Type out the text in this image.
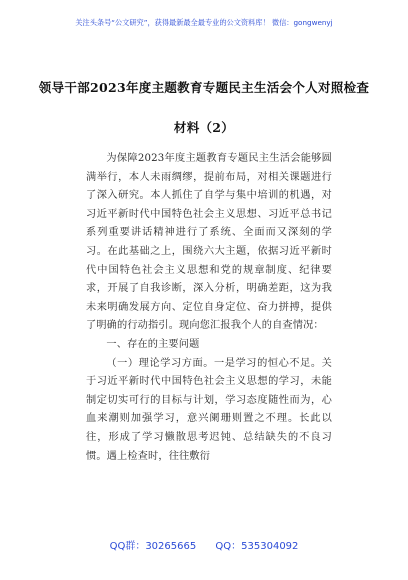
关注头条号“公文研究”，获得最新最全最专业的公文资料库！ 微信：gongwenyj
领导干部2023年度主题教育专题民主生活会个人对照检查
材料（2）

为保障2023年度主题教育专题民主生活会能够圆满举行，本人未雨绸缪，提前布局，对相关课题进行了深入研究。本人抓住了自学与集中培训的机遇，对习近平新时代中国特色社会主义思想、习近平总书记系列重要讲话精神进行了系统、全面而又深刻的学习。在此基础之上，围绕六大主题，依据习近平新时代中国特色社会主义思想和党的规章制度、纪律要求，开展了自我诊断，深入分析，明确差距，这为我未来明确发展方向、定位自身定位、奋力拼搏，提供了明确的行动指引。现向您汇报我个人的自查情况：

一、存在的主要问题

（一）理论学习方面。一是学习的恒心不足。关于习近平新时代中国特色社会主义思想的学习，未能制定切实可行的目标与计划，学习态度随性而为，心血来潮则加强学习，意兴阑珊则置之不理。长此以往，形成了学习懒散思考迟钝、总结缺失的不良习惯。遇上检查时，往往敷衍

QQ群：30265665 QQ：535304092
